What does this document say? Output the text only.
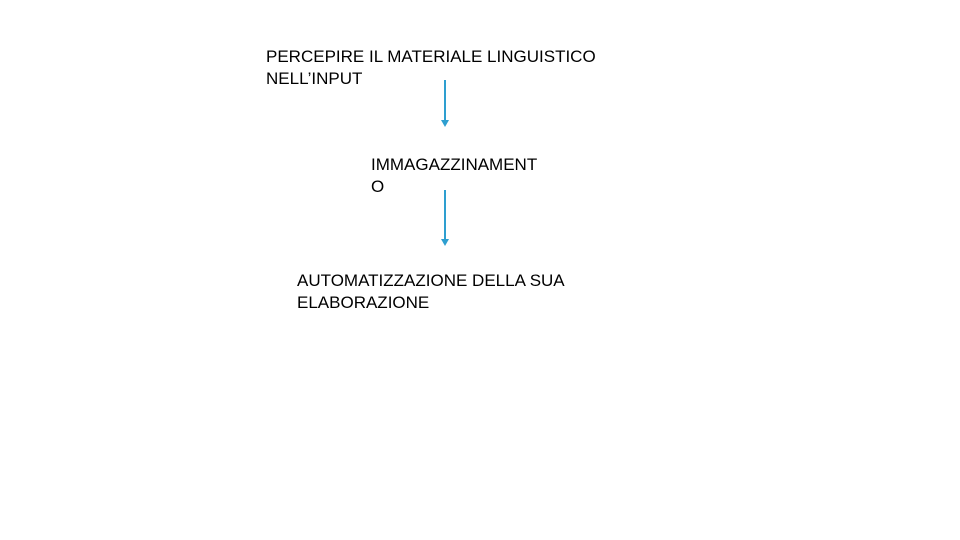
PERCEPIRE IL MATERIALE LINGUISTICO
NELL’INPUT
IMMAGAZZINAMENT
O
AUTOMATIZZAZIONE DELLA SUA
ELABORAZIONE
